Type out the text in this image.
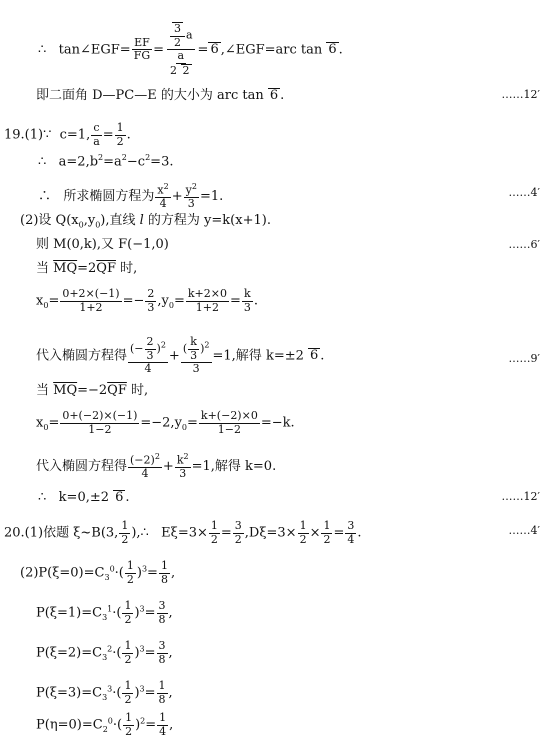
∴   tan∠EGF= $\frac{EF}{FG} = \frac{\frac{3}{2} a}{\frac{a}{2 2}} = 6$ ,∠EGF=arc tan 6 .
即二面角 D—PC—E 的大小为 arc tan 6 .	……12′
19.(1)∵  c=1, $\frac{c}{a} = \frac{1}{2}$ .
∴   $a=2,b^2=a^2-c^2=3$.
∴   所求椭圆方程为 $\frac{x^2}{4} + \frac{y^2}{3} =1$.	……4′
(2)设 $Q(x_0,y_0)$,直线 l 的方程为 y=k(x+1).
则 M(0,k),又 F(−1,0)	……6′
当 $\overline{MQ}=2\overline{QF}$ 时,
$x_0= \frac{0+2\times(-1)}{1+2} =- \frac{2}{3} ,y_0= \frac{k+2\times 0}{1+2} = \frac{k}{3}$ .
代入椭圆方程得 $\frac{(- \frac{2}{3} )^2}{4} + \frac{( \frac{k}{3} )^2}{3} =1$,解得 k=±2 6 .	……9′
当 $\overline{MQ}=-2\overline{QF}$ 时,
$x_0= \frac{0+(-2)\times(-1)}{1-2} =-2,y_0= \frac{k+(-2)\times 0}{1-2} =-k$.
代入椭圆方程得 $\frac{(-2)^2}{4} + \frac{k^2}{3} =1$,解得 k=0.
∴   k=0,±2 6 .	……12′
20.(1)依题 ξ~B(3, $\frac{1}{2}$ ),∴   $E\xi=3\times \frac{1}{2} = \frac{3}{2} ,D\xi=3\times \frac{1}{2} \times \frac{1}{2} = \frac{3}{4}$ .	……4′
$(2)P(\xi=0)=C_3^0\cdot( \frac{1}{2} )^3= \frac{1}{8}$ ,
$P(\xi=1)=C_3^1\cdot( \frac{1}{2} )^3= \frac{3}{8}$ ,
$P(\xi=2)=C_3^2\cdot( \frac{1}{2} )^3= \frac{3}{8}$ ,
$P(\xi=3)=C_3^3\cdot( \frac{1}{2} )^3= \frac{1}{8}$ ,
$P(\eta=0)=C_2^0\cdot( \frac{1}{2} )^2= \frac{1}{4}$ ,
